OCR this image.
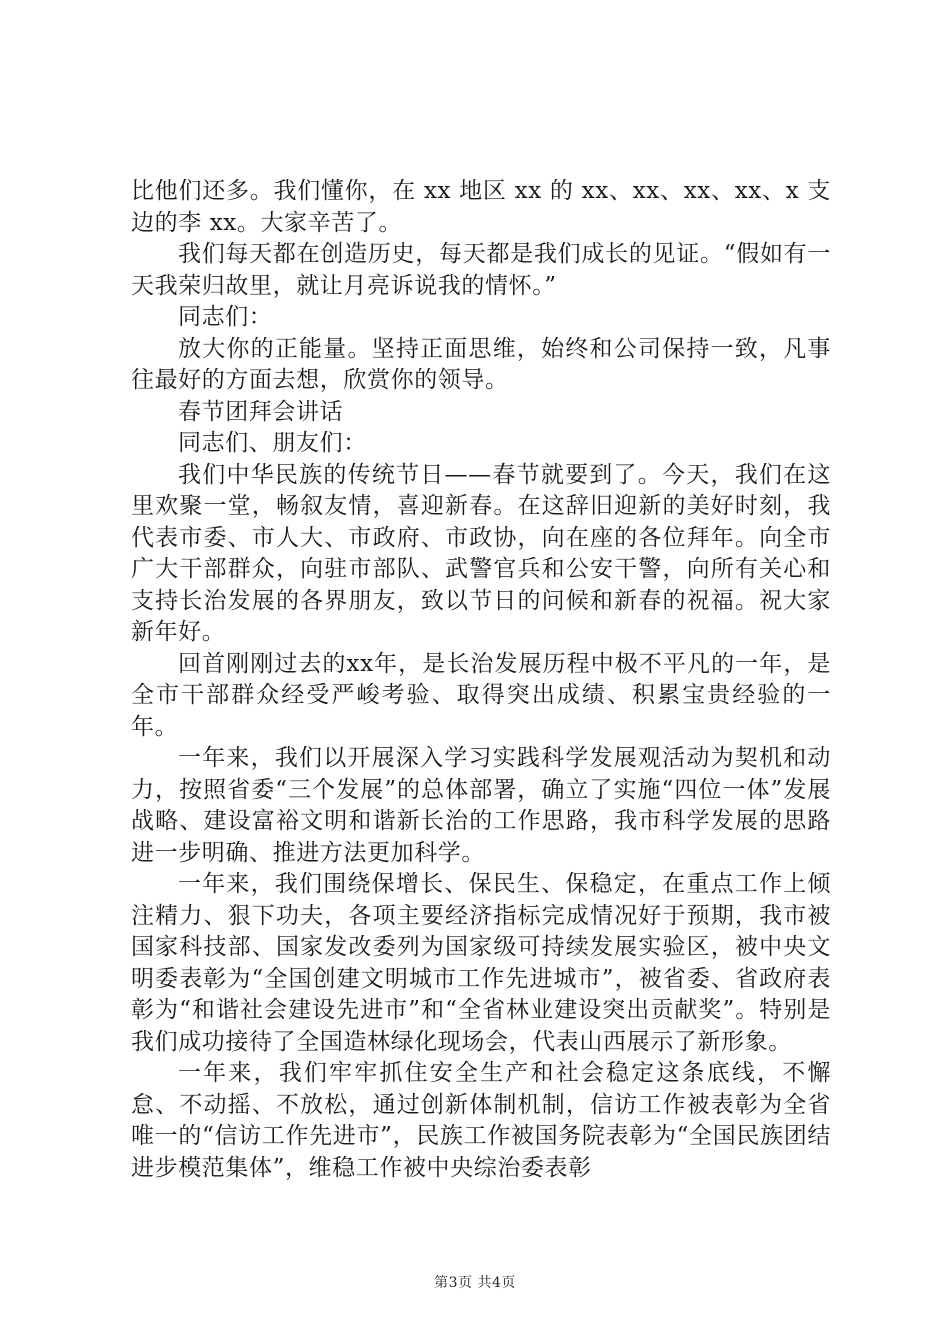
比他们还多。我们懂你，在 xx 地区 xx 的 xx、xx、xx、xx、x 支边的李 xx。大家辛苦了。

我们每天都在创造历史，每天都是我们成长的见证。“假如有一天我荣归故里，就让月亮诉说我的情怀。”

同志们：

放大你的正能量。坚持正面思维，始终和公司保持一致，凡事往最好的方面去想，欣赏你的领导。

春节团拜会讲话

同志们、朋友们：

我们中华民族的传统节日——春节就要到了。今天，我们在这里欢聚一堂，畅叙友情，喜迎新春。在这辞旧迎新的美好时刻，我代表市委、市人大、市政府、市政协，向在座的各位拜年。向全市广大干部群众，向驻市部队、武警官兵和公安干警，向所有关心和支持长治发展的各界朋友，致以节日的问候和新春的祝福。祝大家新年好。

回首刚刚过去的xx年，是长治发展历程中极不平凡的一年，是全市干部群众经受严峻考验、取得突出成绩、积累宝贵经验的一年。

一年来，我们以开展深入学习实践科学发展观活动为契机和动力，按照省委“三个发展”的总体部署，确立了实施“四位一体”发展战略、建设富裕文明和谐新长治的工作思路，我市科学发展的思路进一步明确、推进方法更加科学。

一年来，我们围绕保增长、保民生、保稳定，在重点工作上倾注精力、狠下功夫，各项主要经济指标完成情况好于预期，我市被国家科技部、国家发改委列为国家级可持续发展实验区，被中央文明委表彰为“全国创建文明城市工作先进城市”，被省委、省政府表彰为“和谐社会建设先进市”和“全省林业建设突出贡献奖”。特别是我们成功接待了全国造林绿化现场会，代表山西展示了新形象。

一年来，我们牢牢抓住安全生产和社会稳定这条底线，不懈怠、不动摇、不放松，通过创新体制机制，信访工作被表彰为全省唯一的“信访工作先进市”，民族工作被国务院表彰为“全国民族团结进步模范集体”，维稳工作被中央综治委表彰

第3页 共4页
